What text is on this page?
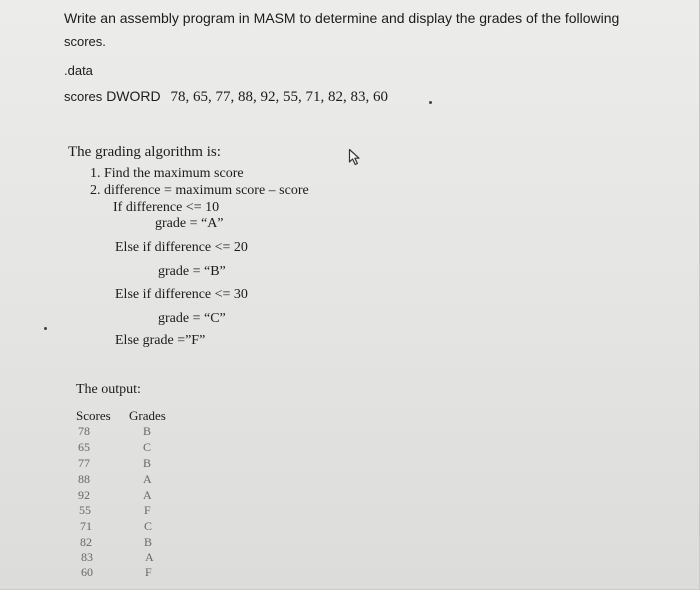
Write an assembly program in MASM to determine and display the grades of the following
scores.
.data
scores DWORD 78, 65, 77, 88, 92, 55, 71, 82, 83, 60
The grading algorithm is:
1. Find the maximum score
2. difference = maximum score – score
If difference <= 10
grade = “A”
Else if difference <= 20
grade = “B”
Else if difference <= 30
grade = “C”
Else grade =”F”
The output:
Scores Grades
78	B
65	C
77	B
88	A
92	A
55	F
71	C
82	B
83	A
60	F
